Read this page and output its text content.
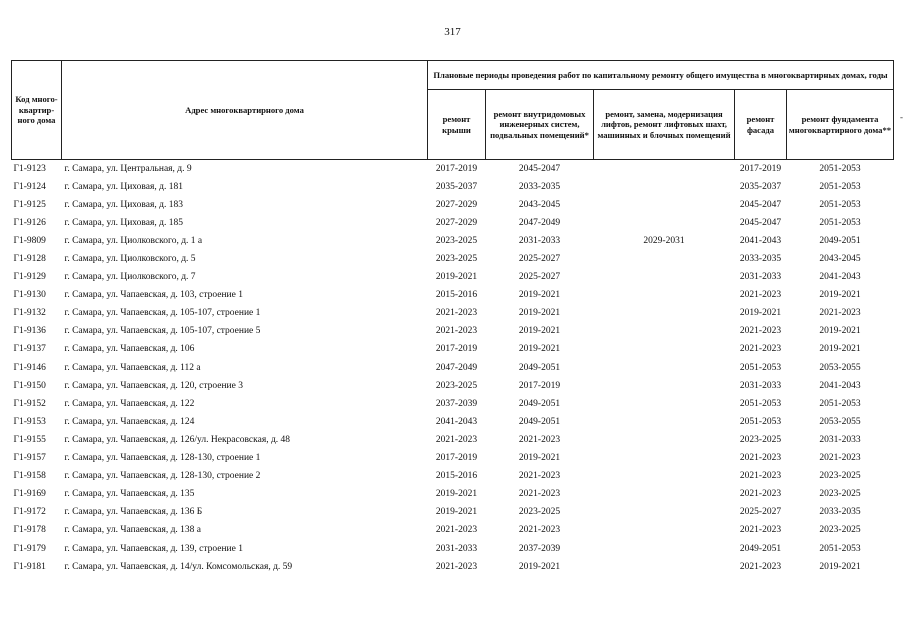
317
Код много-квартир-ного дома	Адрес многоквартирного дома	Плановые периоды проведения работ по капитальному ремонту общего имущества в многоквартирных домах, годы				
		ремонт крыши	ремонт внутридомовых инженерных систем, подвальных помещений*	ремонт, замена, модернизация лифтов, ремонт лифтовых шахт, машинных и блочных помещений	ремонт фасада	ремонт фундамента многоквартирного дома**
Г1-9123	г. Самара, ул. Центральная, д. 9	2017-2019	2045-2047		2017-2019	2051-2053
Г1-9124	г. Самара, ул. Циховая, д. 181	2035-2037	2033-2035		2035-2037	2051-2053
Г1-9125	г. Самара, ул. Циховая, д. 183	2027-2029	2043-2045		2045-2047	2051-2053
Г1-9126	г. Самара, ул. Циховая, д. 185	2027-2029	2047-2049		2045-2047	2051-2053
Г1-9809	г. Самара, ул. Циолковского, д. 1 а	2023-2025	2031-2033	2029-2031	2041-2043	2049-2051
Г1-9128	г. Самара, ул. Циолковского, д. 5	2023-2025	2025-2027		2033-2035	2043-2045
Г1-9129	г. Самара, ул. Циолковского, д. 7	2019-2021	2025-2027		2031-2033	2041-2043
Г1-9130	г. Самара, ул. Чапаевская, д. 103, строение 1	2015-2016	2019-2021		2021-2023	2019-2021
Г1-9132	г. Самара, ул. Чапаевская, д. 105-107, строение 1	2021-2023	2019-2021		2019-2021	2021-2023
Г1-9136	г. Самара, ул. Чапаевская, д. 105-107, строение 5	2021-2023	2019-2021		2021-2023	2019-2021
Г1-9137	г. Самара, ул. Чапаевская, д. 106	2017-2019	2019-2021		2021-2023	2019-2021
Г1-9146	г. Самара, ул. Чапаевская, д. 112 а	2047-2049	2049-2051		2051-2053	2053-2055
Г1-9150	г. Самара, ул. Чапаевская, д. 120, строение 3	2023-2025	2017-2019		2031-2033	2041-2043
Г1-9152	г. Самара, ул. Чапаевская, д. 122	2037-2039	2049-2051		2051-2053	2051-2053
Г1-9153	г. Самара, ул. Чапаевская, д. 124	2041-2043	2049-2051		2051-2053	2053-2055
Г1-9155	г. Самара, ул. Чапаевская, д. 126/ул. Некрасовская, д. 48	2021-2023	2021-2023		2023-2025	2031-2033
Г1-9157	г. Самара, ул. Чапаевская, д. 128-130, строение 1	2017-2019	2019-2021		2021-2023	2021-2023
Г1-9158	г. Самара, ул. Чапаевская, д. 128-130, строение 2	2015-2016	2021-2023		2021-2023	2023-2025
Г1-9169	г. Самара, ул. Чапаевская, д. 135	2019-2021	2021-2023		2021-2023	2023-2025
Г1-9172	г. Самара, ул. Чапаевская, д. 136 Б	2019-2021	2023-2025		2025-2027	2033-2035
Г1-9178	г. Самара, ул. Чапаевская, д. 138 а	2021-2023	2021-2023		2021-2023	2023-2025
Г1-9179	г. Самара, ул. Чапаевская, д. 139, строение 1	2031-2033	2037-2039		2049-2051	2051-2053
Г1-9181	г. Самара, ул. Чапаевская, д. 14/ул. Комсомольская, д. 59	2021-2023	2019-2021		2021-2023	2019-2021
-
